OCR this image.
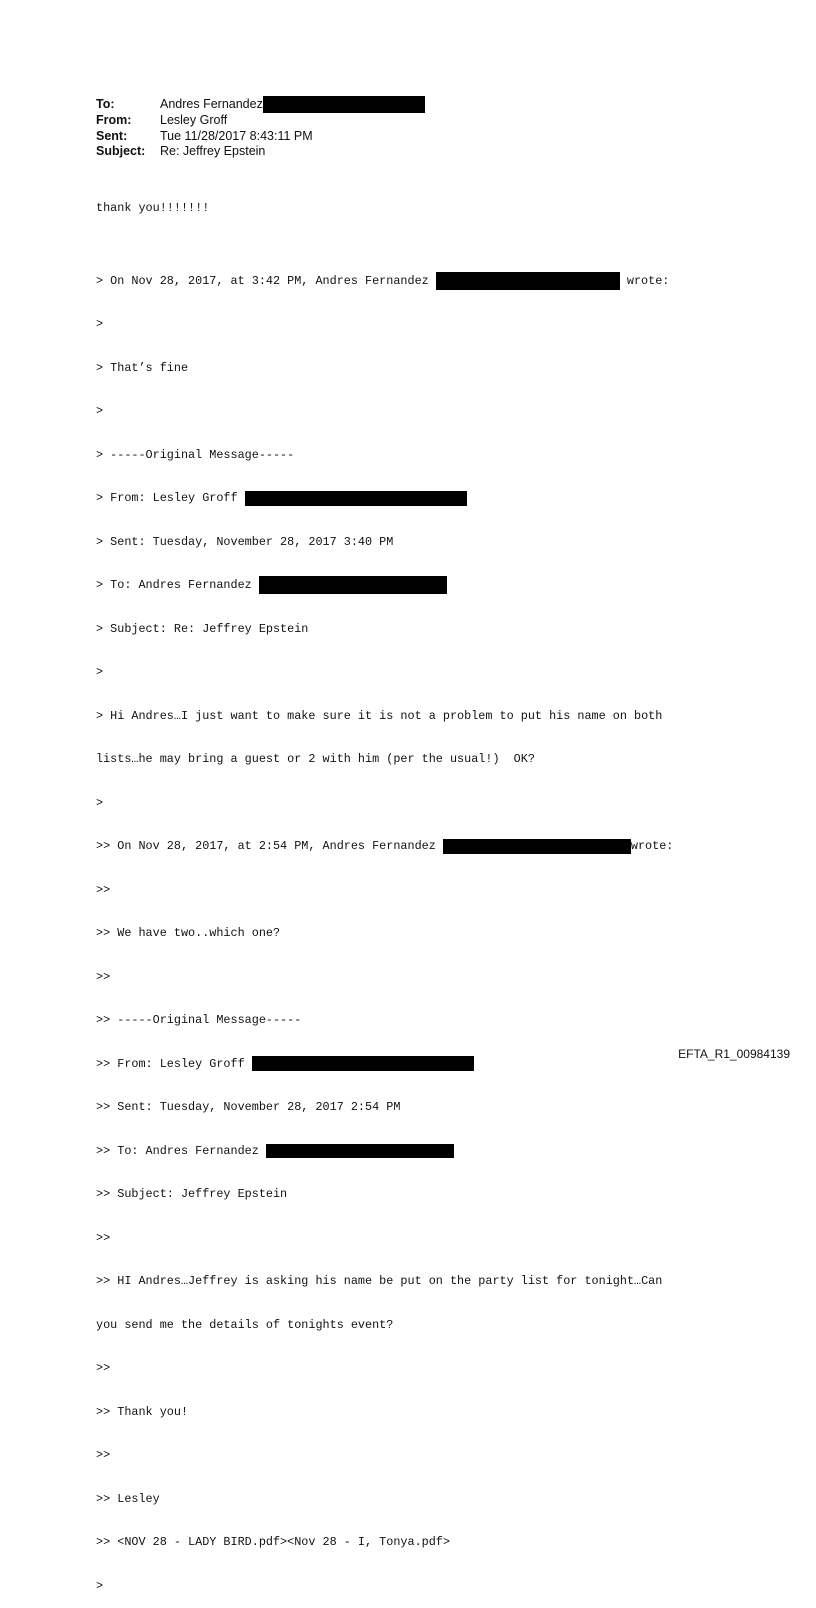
To:	Andres Fernandez
From:	Lesley Groff
Sent:	Tue 11/28/2017 8:43:11 PM
Subject:	Re: Jeffrey Epstein

thank you!!!!!!!

> On Nov 28, 2017, at 3:42 PM, Andres Fernandez	wrote:

>

> That’s fine

>

> -----Original Message-----

> From: Lesley Groff

> Sent: Tuesday, November 28, 2017 3:40 PM

> To: Andres Fernandez

> Subject: Re: Jeffrey Epstein

>

> Hi Andres…I just want to make sure it is not a problem to put his name on both

lists…he may bring a guest or 2 with him (per the usual!)  OK?

>

>> On Nov 28, 2017, at 2:54 PM, Andres Fernandez	wrote:

>>

>> We have two..which one?

>>

>> -----Original Message-----

>> From: Lesley Groff

>> Sent: Tuesday, November 28, 2017 2:54 PM

>> To: Andres Fernandez

>> Subject: Jeffrey Epstein

>>

>> HI Andres…Jeffrey is asking his name be put on the party list for tonight…Can

you send me the details of tonights event?

>>

>> Thank you!

>>

>> Lesley

>> <NOV 28 - LADY BIRD.pdf><Nov 28 - I, Tonya.pdf>

>

EFTA_R1_00984139
